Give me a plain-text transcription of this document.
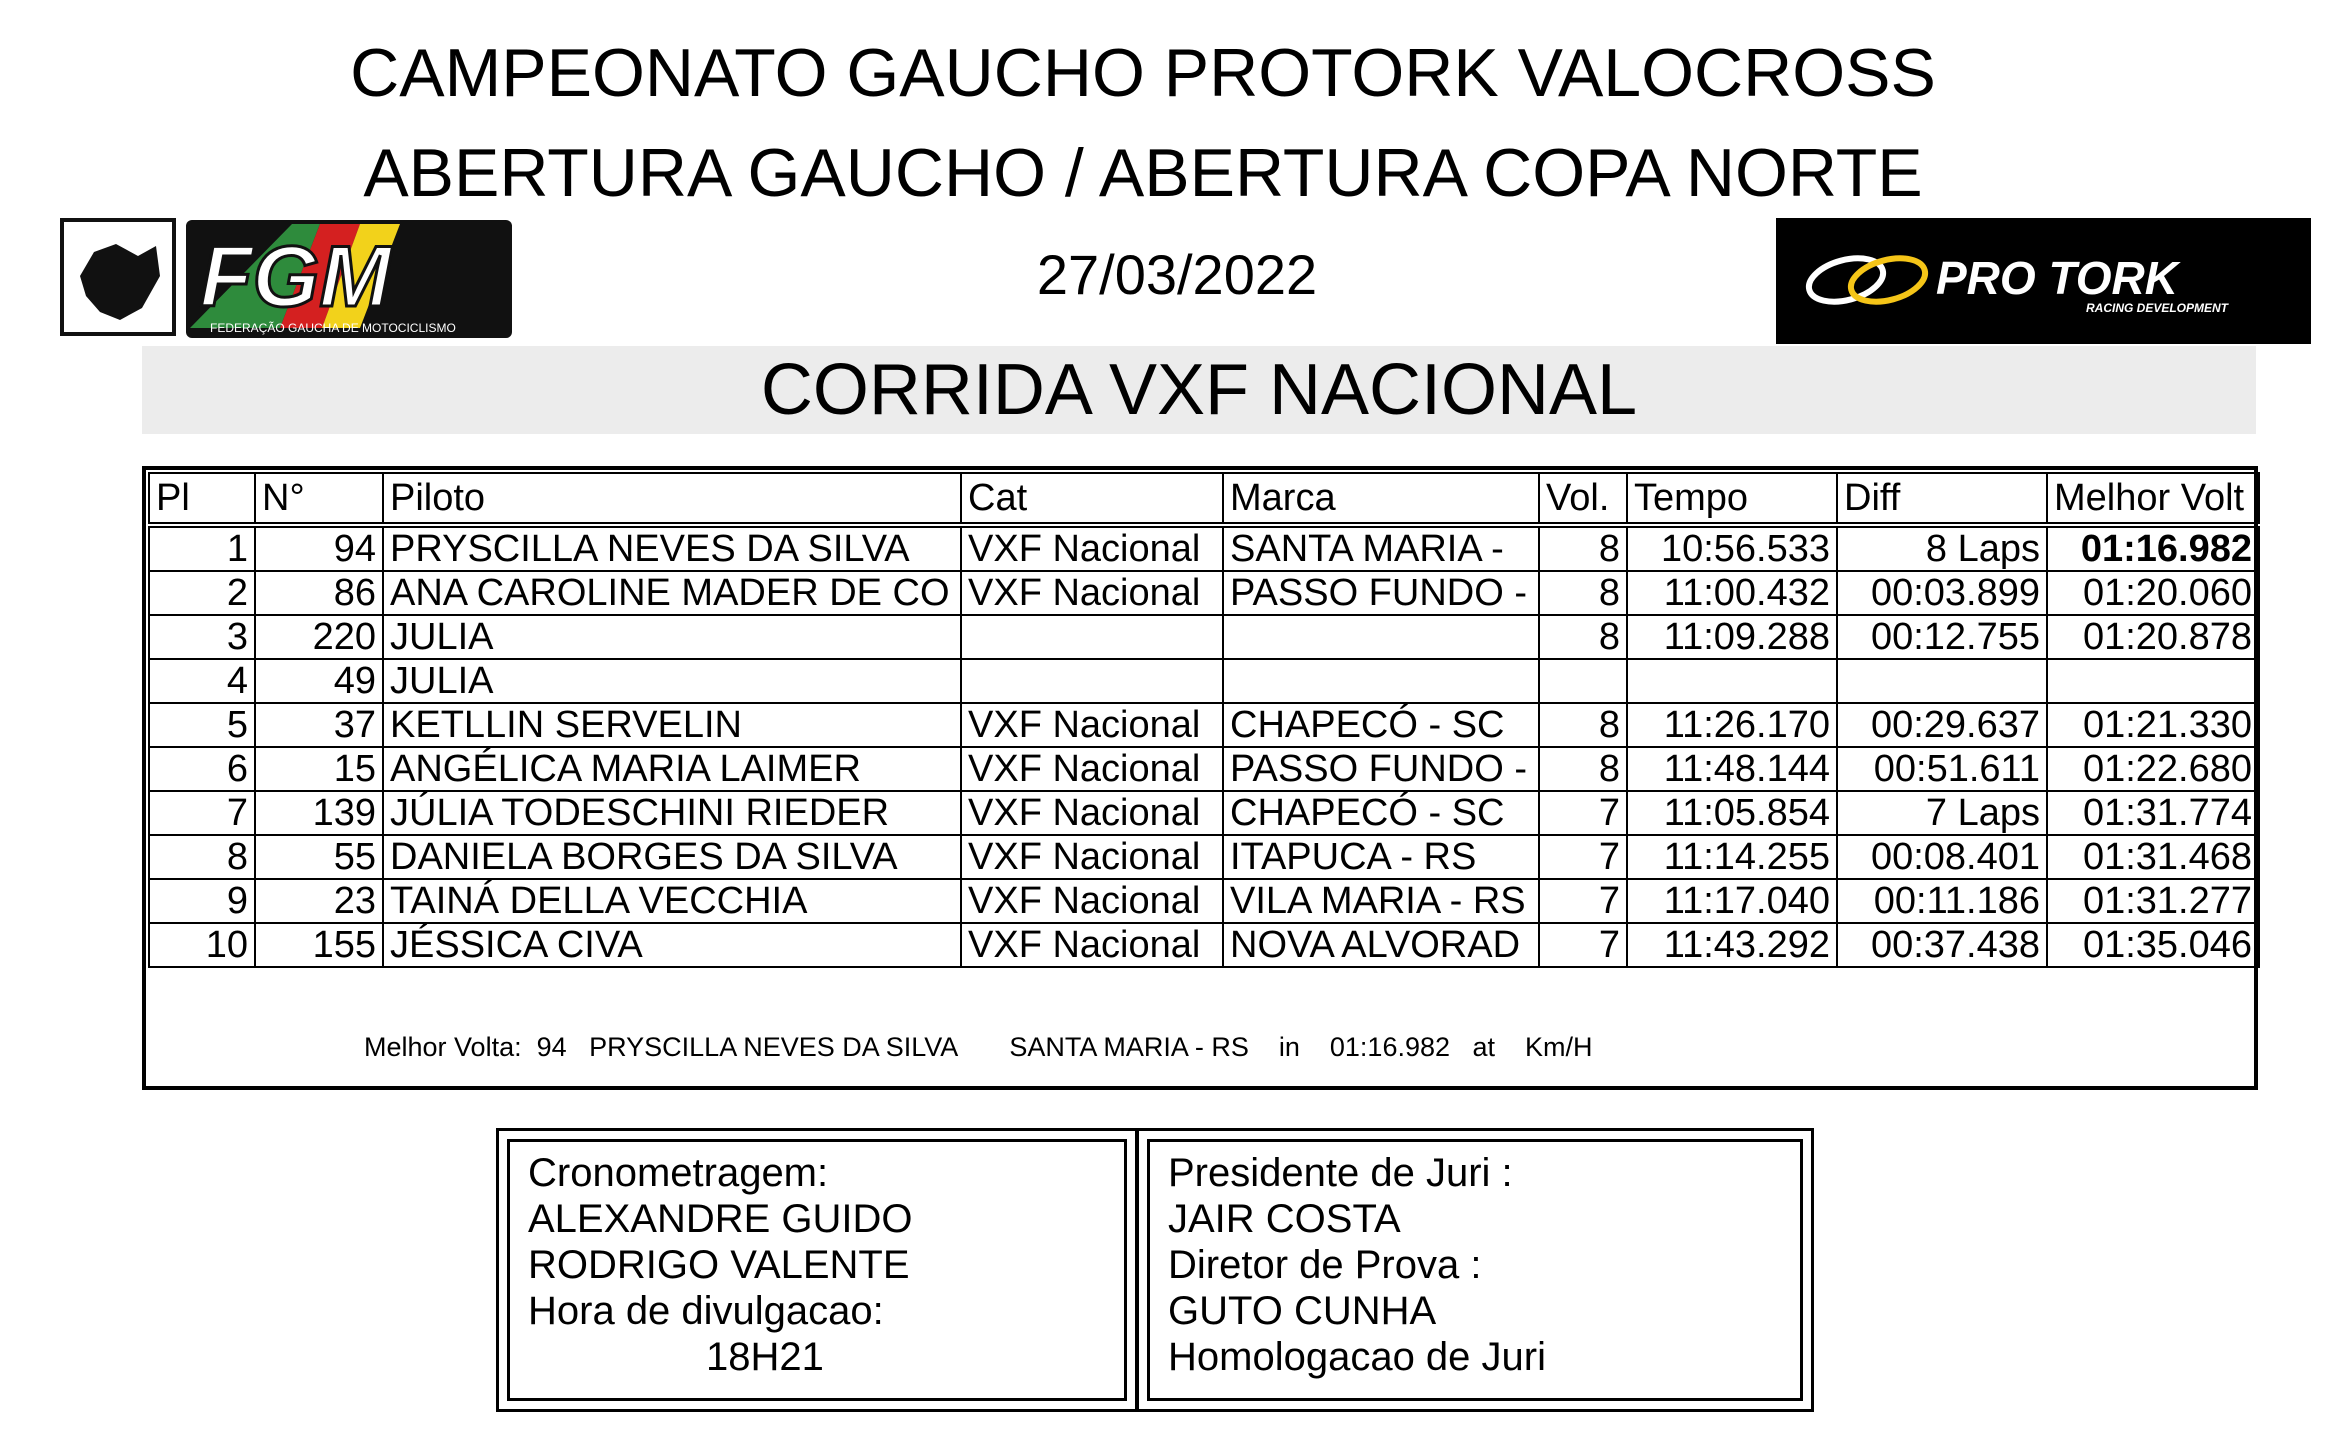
CAMPEONATO GAUCHO PROTORK VALOCROSS
ABERTURA GAUCHO / ABERTURA COPA NORTE
27/03/2022
FGM
FEDERAÇÃO GAUCHA DE MOTOCICLISMO
PRO TORK
RACING DEVELOPMENT
CORRIDA VXF NACIONAL
Pl	N°	Piloto	Cat	Marca	Vol.	Tempo	Diff	Melhor Volt
1	94	PRYSCILLA NEVES DA SILVA	VXF Nacional	SANTA MARIA -	8	10:56.533	8 Laps	01:16.982
2	86	ANA CAROLINE MADER DE CO	VXF Nacional	PASSO FUNDO -	8	11:00.432	00:03.899	01:20.060
3	220	JULIA			8	11:09.288	00:12.755	01:20.878
4	49	JULIA						
5	37	KETLLIN SERVELIN	VXF Nacional	CHAPECÓ - SC	8	11:26.170	00:29.637	01:21.330
6	15	ANGÉLICA MARIA LAIMER	VXF Nacional	PASSO FUNDO -	8	11:48.144	00:51.611	01:22.680
7	139	JÚLIA TODESCHINI RIEDER	VXF Nacional	CHAPECÓ - SC	7	11:05.854	7 Laps	01:31.774
8	55	DANIELA BORGES DA SILVA	VXF Nacional	ITAPUCA - RS	7	11:14.255	00:08.401	01:31.468
9	23	TAINÁ DELLA VECCHIA	VXF Nacional	VILA MARIA - RS	7	11:17.040	00:11.186	01:31.277
10	155	JÉSSICA CIVA	VXF Nacional	NOVA ALVORAD	7	11:43.292	00:37.438	01:35.046
Melhor Volta:  94   PRYSCILLA NEVES DA SILVA       SANTA MARIA - RS    in    01:16.982   at    Km/H
Cronometragem:
ALEXANDRE GUIDO
RODRIGO VALENTE
Hora de divulgacao:
18H21
Presidente de Juri :
JAIR COSTA
Diretor de Prova :
GUTO CUNHA
Homologacao de Juri
